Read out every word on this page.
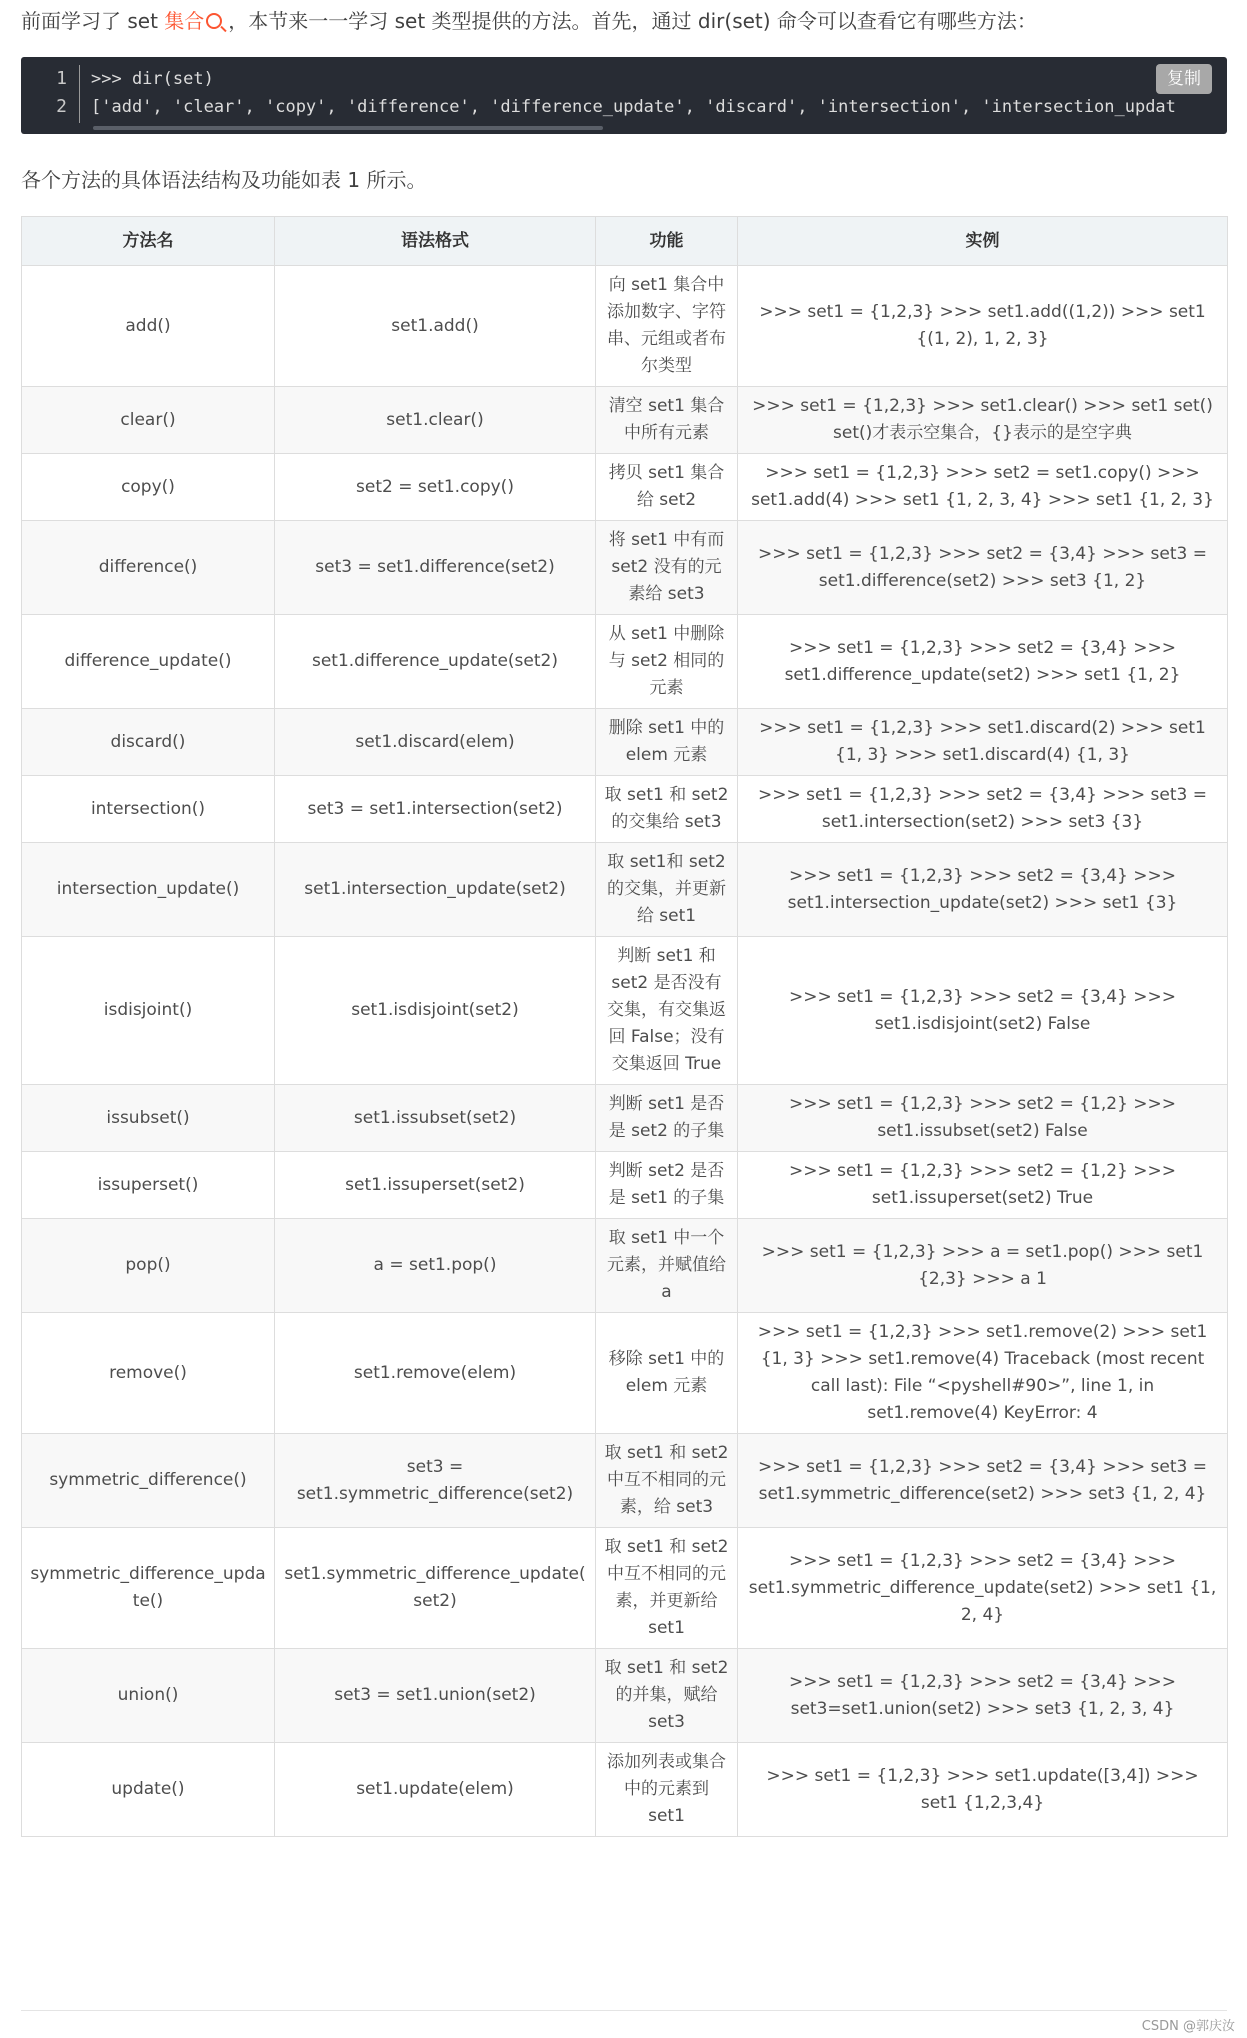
前面学习了 set 集合 ，本节来一一学习 set 类型提供的方法。首先，通过 dir(set) 命令可以查看它有哪些方法：
1
2
>>> dir(set)
['add', 'clear', 'copy', 'difference', 'difference_update', 'discard', 'intersection', 'intersection_updat
复制
各个方法的具体语法结构及功能如表 1 所示。
方法名	语法格式	功能	实例
add()	set1.add()	向 set1 集合中添加数字、字符串、元组或者布尔类型	>>> set1 = {1,2,3} >>> set1.add((1,2)) >>> set1 {(1, 2), 1, 2, 3}
clear()	set1.clear()	清空 set1 集合中所有元素	>>> set1 = {1,2,3} >>> set1.clear() >>> set1 set() set()才表示空集合，{}表示的是空字典
copy()	set2 = set1.copy()	拷贝 set1 集合给 set2	>>> set1 = {1,2,3} >>> set2 = set1.copy() >>> set1.add(4) >>> set1 {1, 2, 3, 4} >>> set1 {1, 2, 3}
difference()	set3 = set1.difference(set2)	将 set1 中有而 set2 没有的元素给 set3	>>> set1 = {1,2,3} >>> set2 = {3,4} >>> set3 = set1.difference(set2) >>> set3 {1, 2}
difference_update()	set1.difference_update(set2)	从 set1 中删除与 set2 相同的元素	>>> set1 = {1,2,3} >>> set2 = {3,4} >>> set1.difference_update(set2) >>> set1 {1, 2}
discard()	set1.discard(elem)	删除 set1 中的 elem 元素	>>> set1 = {1,2,3} >>> set1.discard(2) >>> set1 {1, 3} >>> set1.discard(4) {1, 3}
intersection()	set3 = set1.intersection(set2)	取 set1 和 set2 的交集给 set3	>>> set1 = {1,2,3} >>> set2 = {3,4} >>> set3 = set1.intersection(set2) >>> set3 {3}
intersection_update()	set1.intersection_update(set2)	取 set1和 set2 的交集，并更新给 set1	>>> set1 = {1,2,3} >>> set2 = {3,4} >>> set1.intersection_update(set2) >>> set1 {3}
isdisjoint()	set1.isdisjoint(set2)	判断 set1 和 set2 是否没有交集，有交集返回 False；没有交集返回 True	>>> set1 = {1,2,3} >>> set2 = {3,4} >>> set1.isdisjoint(set2) False
issubset()	set1.issubset(set2)	判断 set1 是否是 set2 的子集	>>> set1 = {1,2,3} >>> set2 = {1,2} >>> set1.issubset(set2) False
issuperset()	set1.issuperset(set2)	判断 set2 是否是 set1 的子集	>>> set1 = {1,2,3} >>> set2 = {1,2} >>> set1.issuperset(set2) True
pop()	a = set1.pop()	取 set1 中一个元素，并赋值给 a	>>> set1 = {1,2,3} >>> a = set1.pop() >>> set1 {2,3} >>> a 1
remove()	set1.remove(elem)	移除 set1 中的 elem 元素	>>> set1 = {1,2,3} >>> set1.remove(2) >>> set1 {1, 3} >>> set1.remove(4) Traceback (most recent call last): File “<pyshell#90>”, line 1, in set1.remove(4) KeyError: 4
symmetric_difference()	set3 = set1.symmetric_difference(set2)	取 set1 和 set2 中互不相同的元素，给 set3	>>> set1 = {1,2,3} >>> set2 = {3,4} >>> set3 = set1.symmetric_difference(set2) >>> set3 {1, 2, 4}
symmetric_difference_update()	set1.symmetric_difference_update(set2)	取 set1 和 set2 中互不相同的元素，并更新给 set1	>>> set1 = {1,2,3} >>> set2 = {3,4} >>> set1.symmetric_difference_update(set2) >>> set1 {1, 2, 4}
union()	set3 = set1.union(set2)	取 set1 和 set2 的并集，赋给 set3	>>> set1 = {1,2,3} >>> set2 = {3,4} >>> set3=set1.union(set2) >>> set3 {1, 2, 3, 4}
update()	set1.update(elem)	添加列表或集合中的元素到 set1	>>> set1 = {1,2,3} >>> set1.update([3,4]) >>> set1 {1,2,3,4}
CSDN @郭庆汝
